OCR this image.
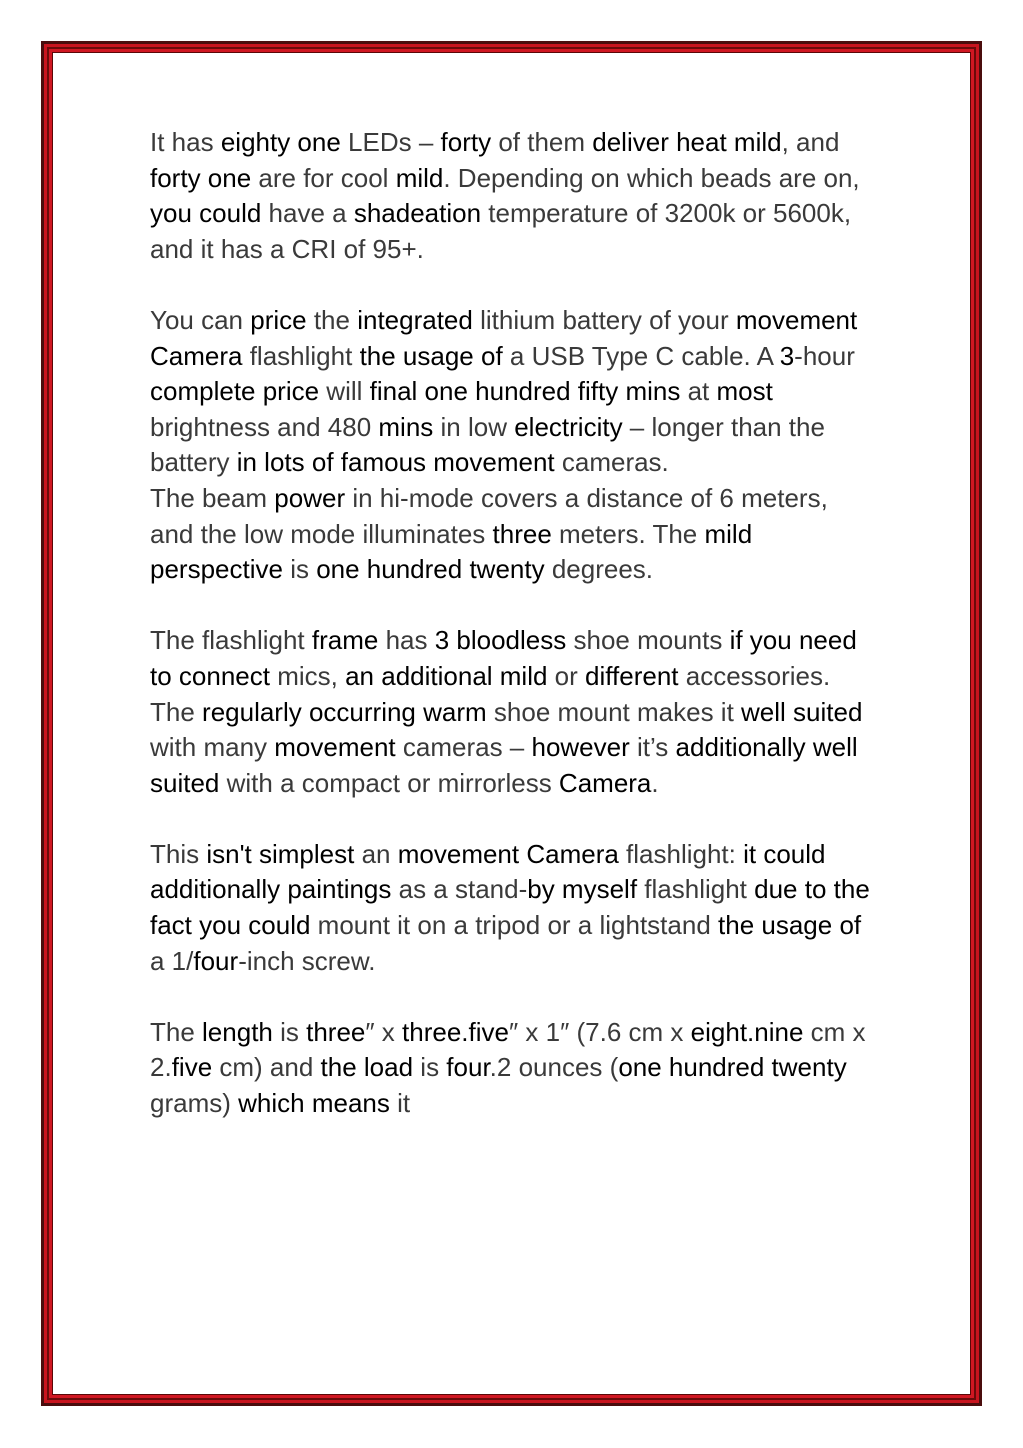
It has eighty one LEDs – forty of them deliver heat mild, and forty one are for cool mild. Depending on which beads are on, you could have a shadeation temperature of 3200k or 5600k, and it has a CRI of 95+.

You can price the integrated lithium battery of your movement Camera flashlight the usage of a USB Type C cable. A 3-hour complete price will final one hundred fifty mins at most brightness and 480 mins in low electricity – longer than the battery in lots of famous movement cameras.

The beam power in hi-mode covers a distance of 6 meters, and the low mode illuminates three meters. The mild perspective is one hundred twenty degrees.

The flashlight frame has 3 bloodless shoe mounts if you need to connect mics, an additional mild or different accessories. The regularly occurring warm shoe mount makes it well suited with many movement cameras – however it’s additionally well suited with a compact or mirrorless Camera.

This isn't simplest an movement Camera flashlight: it could additionally paintings as a stand-by myself flashlight due to the fact you could mount it on a tripod or a lightstand the usage of a 1/four-inch screw.

The length is three″ x three.five″ x 1″ (7.6 cm x eight.nine cm x 2.five cm) and the load is four.2 ounces (one hundred twenty grams) which means it
